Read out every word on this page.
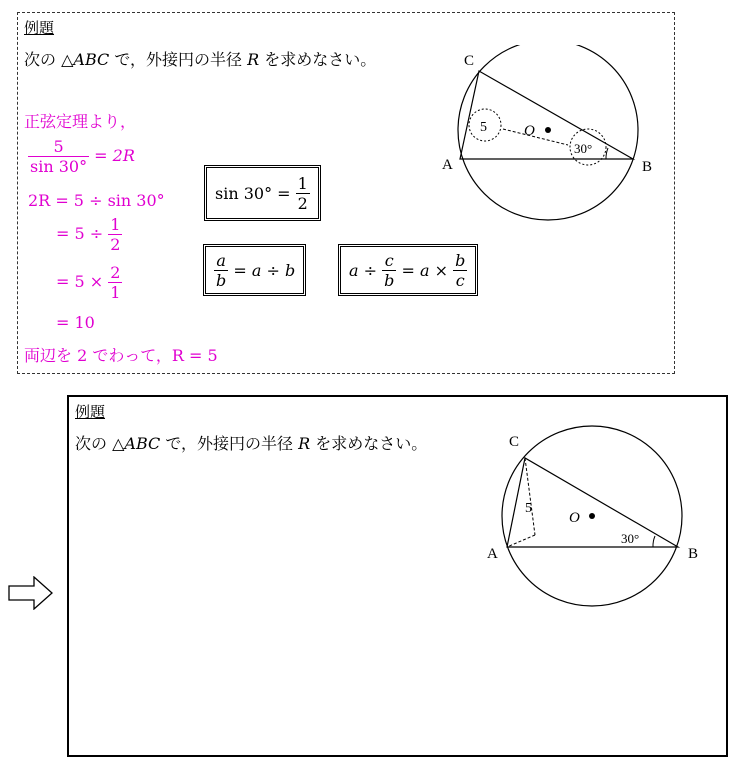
例題
次の △ABC で，外接円の半径 R を求めなさい。
正弦定理より，
$\frac{5}{\sin 30^\circ} = 2R$
2R = 5 ÷ sin 30°
= $5 \div \frac{1}{2}$
= $5 \times \frac{2}{1}$
= 10
両辺を 2 でわって，R = 5
sin 30° =
$\frac{1}{2}$
$\frac{a}{b}$
= a ÷ b	a ÷
$\frac{c}{b}$
= a ×
$\frac{b}{c}$
C
A	B
O
5
30°
例題
次の △ABC で，外接円の半径 R を求めなさい。	C
A	B
O
5
30°
